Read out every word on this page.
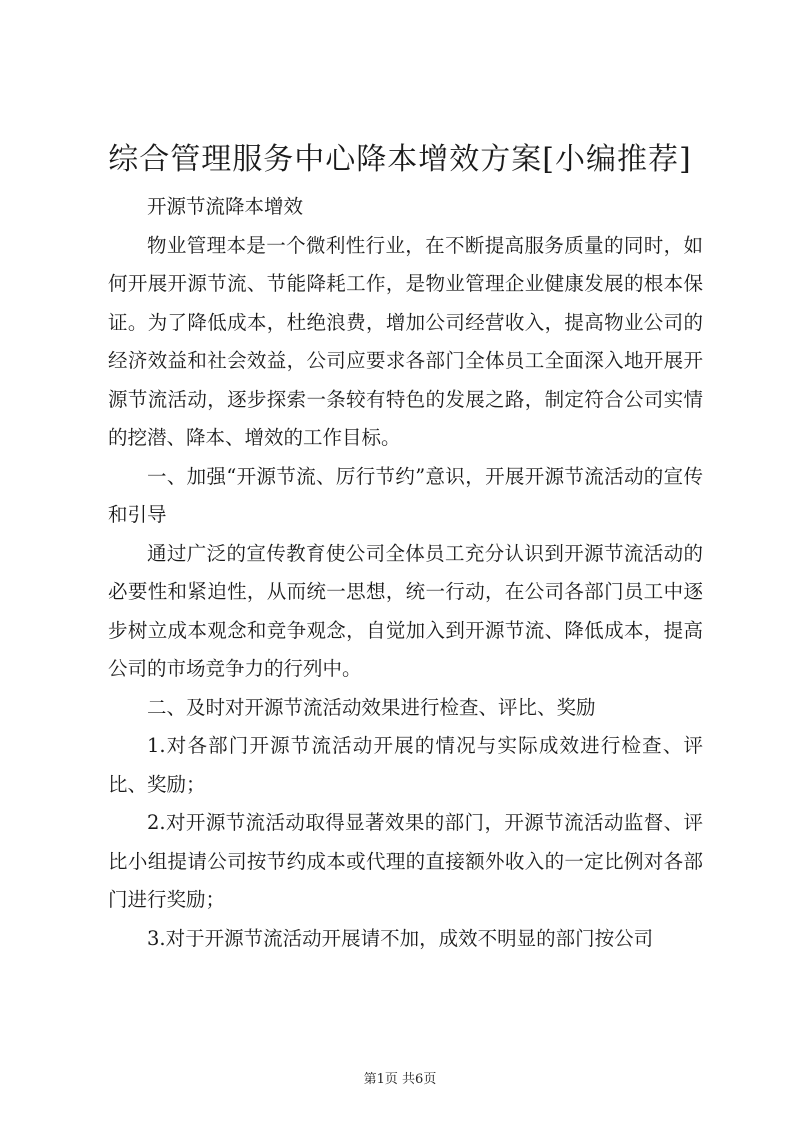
综合管理服务中心降本增效方案[小编推荐]

开源节流降本增效

物业管理本是一个微利性行业，在不断提高服务质量的同时，如何开展开源节流、节能降耗工作，是物业管理企业健康发展的根本保证。为了降低成本，杜绝浪费，增加公司经营收入，提高物业公司的经济效益和社会效益，公司应要求各部门全体员工全面深入地开展开源节流活动，逐步探索一条较有特色的发展之路，制定符合公司实情的挖潜、降本、增效的工作目标。

一、加强“开源节流、厉行节约”意识，开展开源节流活动的宣传和引导

通过广泛的宣传教育使公司全体员工充分认识到开源节流活动的必要性和紧迫性，从而统一思想，统一行动，在公司各部门员工中逐步树立成本观念和竞争观念，自觉加入到开源节流、降低成本，提高公司的市场竞争力的行列中。

二、及时对开源节流活动效果进行检查、评比、奖励

1.对各部门开源节流活动开展的情况与实际成效进行检查、评比、奖励；

2.对开源节流活动取得显著效果的部门，开源节流活动监督、评比小组提请公司按节约成本或代理的直接额外收入的一定比例对各部门进行奖励；

3.对于开源节流活动开展请不加，成效不明显的部门按公司

第1页 共6页
